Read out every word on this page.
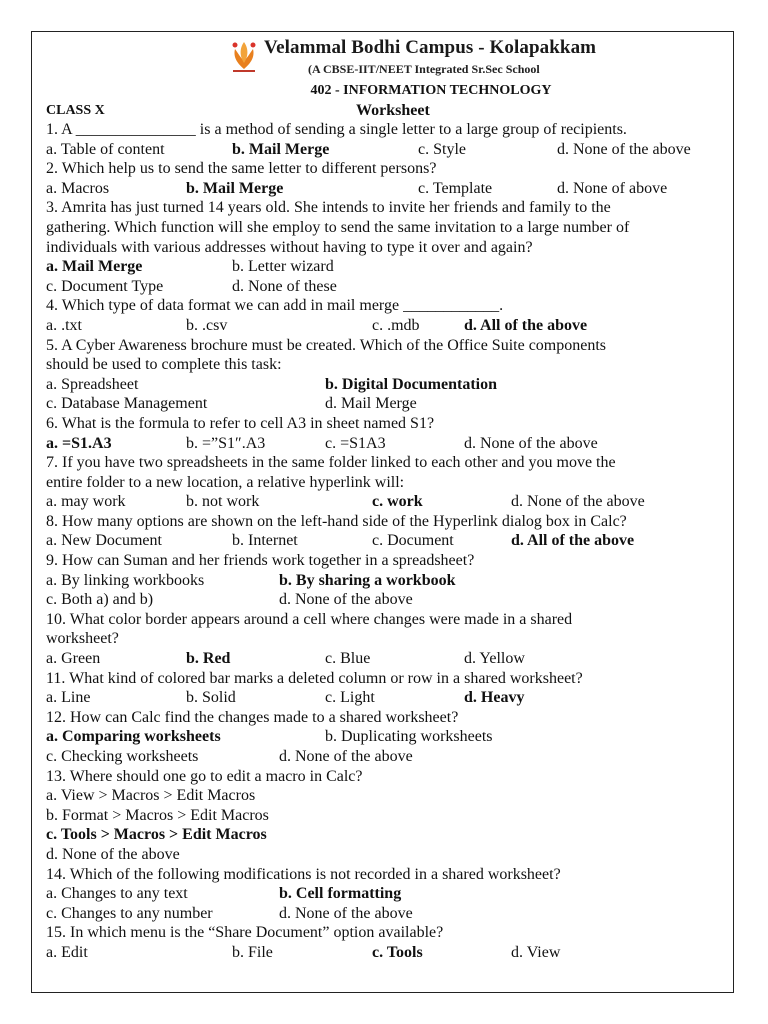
Velammal Bodhi Campus - Kolapakkam
(A CBSE-IIT/NEET Integrated Sr.Sec School
402 - INFORMATION TECHNOLOGY
CLASS X	Worksheet
1. A _______________ is a method of sending a single letter to a large group of recipients.
a. Table of content	b. Mail Merge	c. Style	d. None of the above
2. Which help us to send the same letter to different persons?
a. Macros	b. Mail Merge	c. Template	d. None of above
3. Amrita has just turned 14 years old. She intends to invite her friends and family to the
gathering. Which function will she employ to send the same invitation to a large number of
individuals with various addresses without having to type it over and again?
a. Mail Merge	b. Letter wizard
c. Document Type	d. None of these
4. Which type of data format we can add in mail merge ____________.
a. .txt	b. .csv	c. .mdb	d. All of the above
5. A Cyber Awareness brochure must be created. Which of the Office Suite components
should be used to complete this task:
a. Spreadsheet	b. Digital Documentation
c. Database Management	d. Mail Merge
6. What is the formula to refer to cell A3 in sheet named S1?
a. =S1.A3	b. =”S1″.A3	c. =S1A3	d. None of the above
7. If you have two spreadsheets in the same folder linked to each other and you move the
entire folder to a new location, a relative hyperlink will:
a. may work	b. not work	c. work	d. None of the above
8. How many options are shown on the left-hand side of the Hyperlink dialog box in Calc?
a. New Document	b. Internet	c. Document	d. All of the above
9. How can Suman and her friends work together in a spreadsheet?
a. By linking workbooks	b. By sharing a workbook
c. Both a) and b)	d. None of the above
10. What color border appears around a cell where changes were made in a shared
worksheet?
a. Green	b. Red	c. Blue	d. Yellow
11. What kind of colored bar marks a deleted column or row in a shared worksheet?
a. Line	b. Solid	c. Light	d. Heavy
12. How can Calc find the changes made to a shared worksheet?
a. Comparing worksheets	b. Duplicating worksheets
c. Checking worksheets	d. None of the above
13. Where should one go to edit a macro in Calc?
a. View > Macros > Edit Macros
b. Format > Macros > Edit Macros
c. Tools > Macros > Edit Macros
d. None of the above
14. Which of the following modifications is not recorded in a shared worksheet?
a. Changes to any text	b. Cell formatting
c. Changes to any number	d. None of the above
15. In which menu is the “Share Document” option available?
a. Edit	b. File	c. Tools	d. View
